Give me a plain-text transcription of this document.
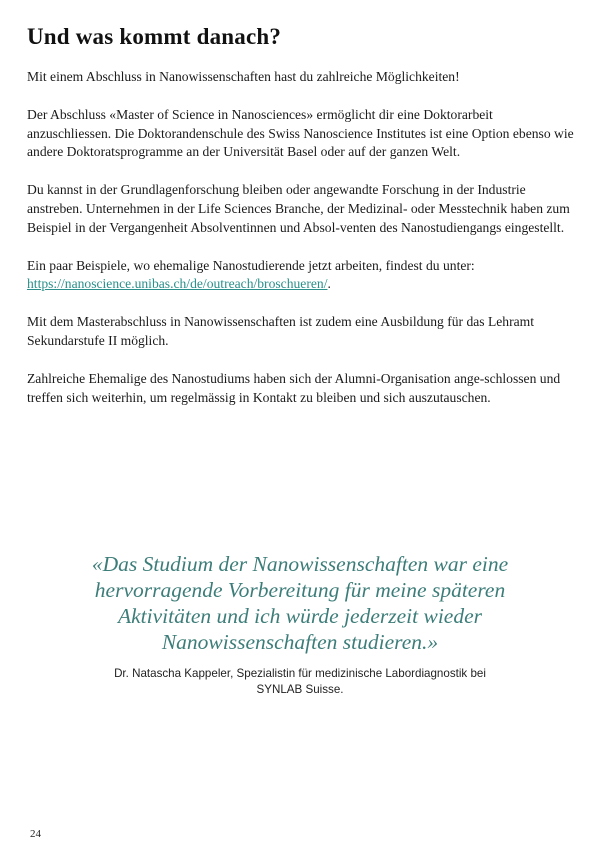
Und was kommt danach?

Mit einem Abschluss in Nanowissenschaften hast du zahlreiche Möglichkeiten!

Der Abschluss «Master of Science in Nanosciences» ermöglicht dir eine Doktorarbeit anzuschliessen. Die Doktorandenschule des Swiss Nanoscience Institutes ist eine Option ebenso wie andere Doktoratsprogramme an der Universität Basel oder auf der ganzen Welt.

Du kannst in der Grundlagenforschung bleiben oder angewandte Forschung in der Industrie anstreben. Unternehmen in der Life Sciences Branche, der Medizinal- oder Messtechnik haben zum Beispiel in der Vergangenheit Absolventinnen und Absol-venten des Nanostudiengangs eingestellt.

Ein paar Beispiele, wo ehemalige Nanostudierende jetzt arbeiten, findest du unter: https://nanoscience.unibas.ch/de/outreach/broschueren/.

Mit dem Masterabschluss in Nanowissenschaften ist zudem eine Ausbildung für das Lehramt Sekundarstufe II möglich.

Zahlreiche Ehemalige des Nanostudiums haben sich der Alumni-Organisation ange-schlossen und treffen sich weiterhin, um regelmässig in Kontakt zu bleiben und sich auszutauschen.

«Das Studium der Nanowissenschaften war eine
hervorragende Vorbereitung für meine späteren
Aktivitäten und ich würde jederzeit wieder
Nanowissenschaften studieren.»
Dr. Natascha Kappeler, Spezialistin für medizinische Labordiagnostik bei
SYNLAB Suisse.
24
